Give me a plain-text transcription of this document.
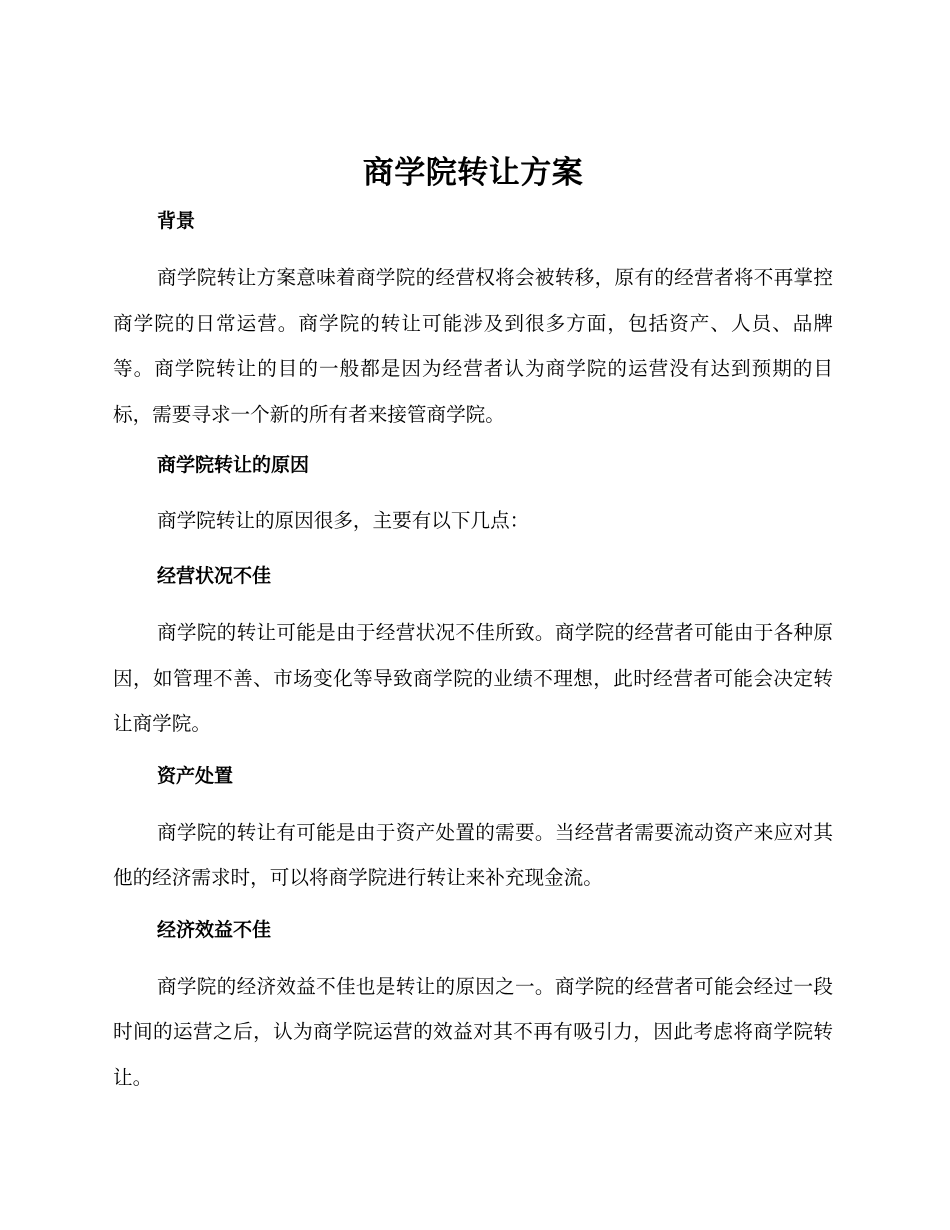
商学院转让方案
背景

商学院转让方案意味着商学院的经营权将会被转移，原有的经营者将不再掌控商学院的日常运营。商学院的转让可能涉及到很多方面，包括资产、人员、品牌等。商学院转让的目的一般都是因为经营者认为商学院的运营没有达到预期的目标，需要寻求一个新的所有者来接管商学院。

商学院转让的原因

商学院转让的原因很多，主要有以下几点：

经营状况不佳

商学院的转让可能是由于经营状况不佳所致。商学院的经营者可能由于各种原因，如管理不善、市场变化等导致商学院的业绩不理想，此时经营者可能会决定转让商学院。

资产处置

商学院的转让有可能是由于资产处置的需要。当经营者需要流动资产来应对其他的经济需求时，可以将商学院进行转让来补充现金流。

经济效益不佳

商学院的经济效益不佳也是转让的原因之一。商学院的经营者可能会经过一段时间的运营之后，认为商学院运营的效益对其不再有吸引力，因此考虑将商学院转让。
